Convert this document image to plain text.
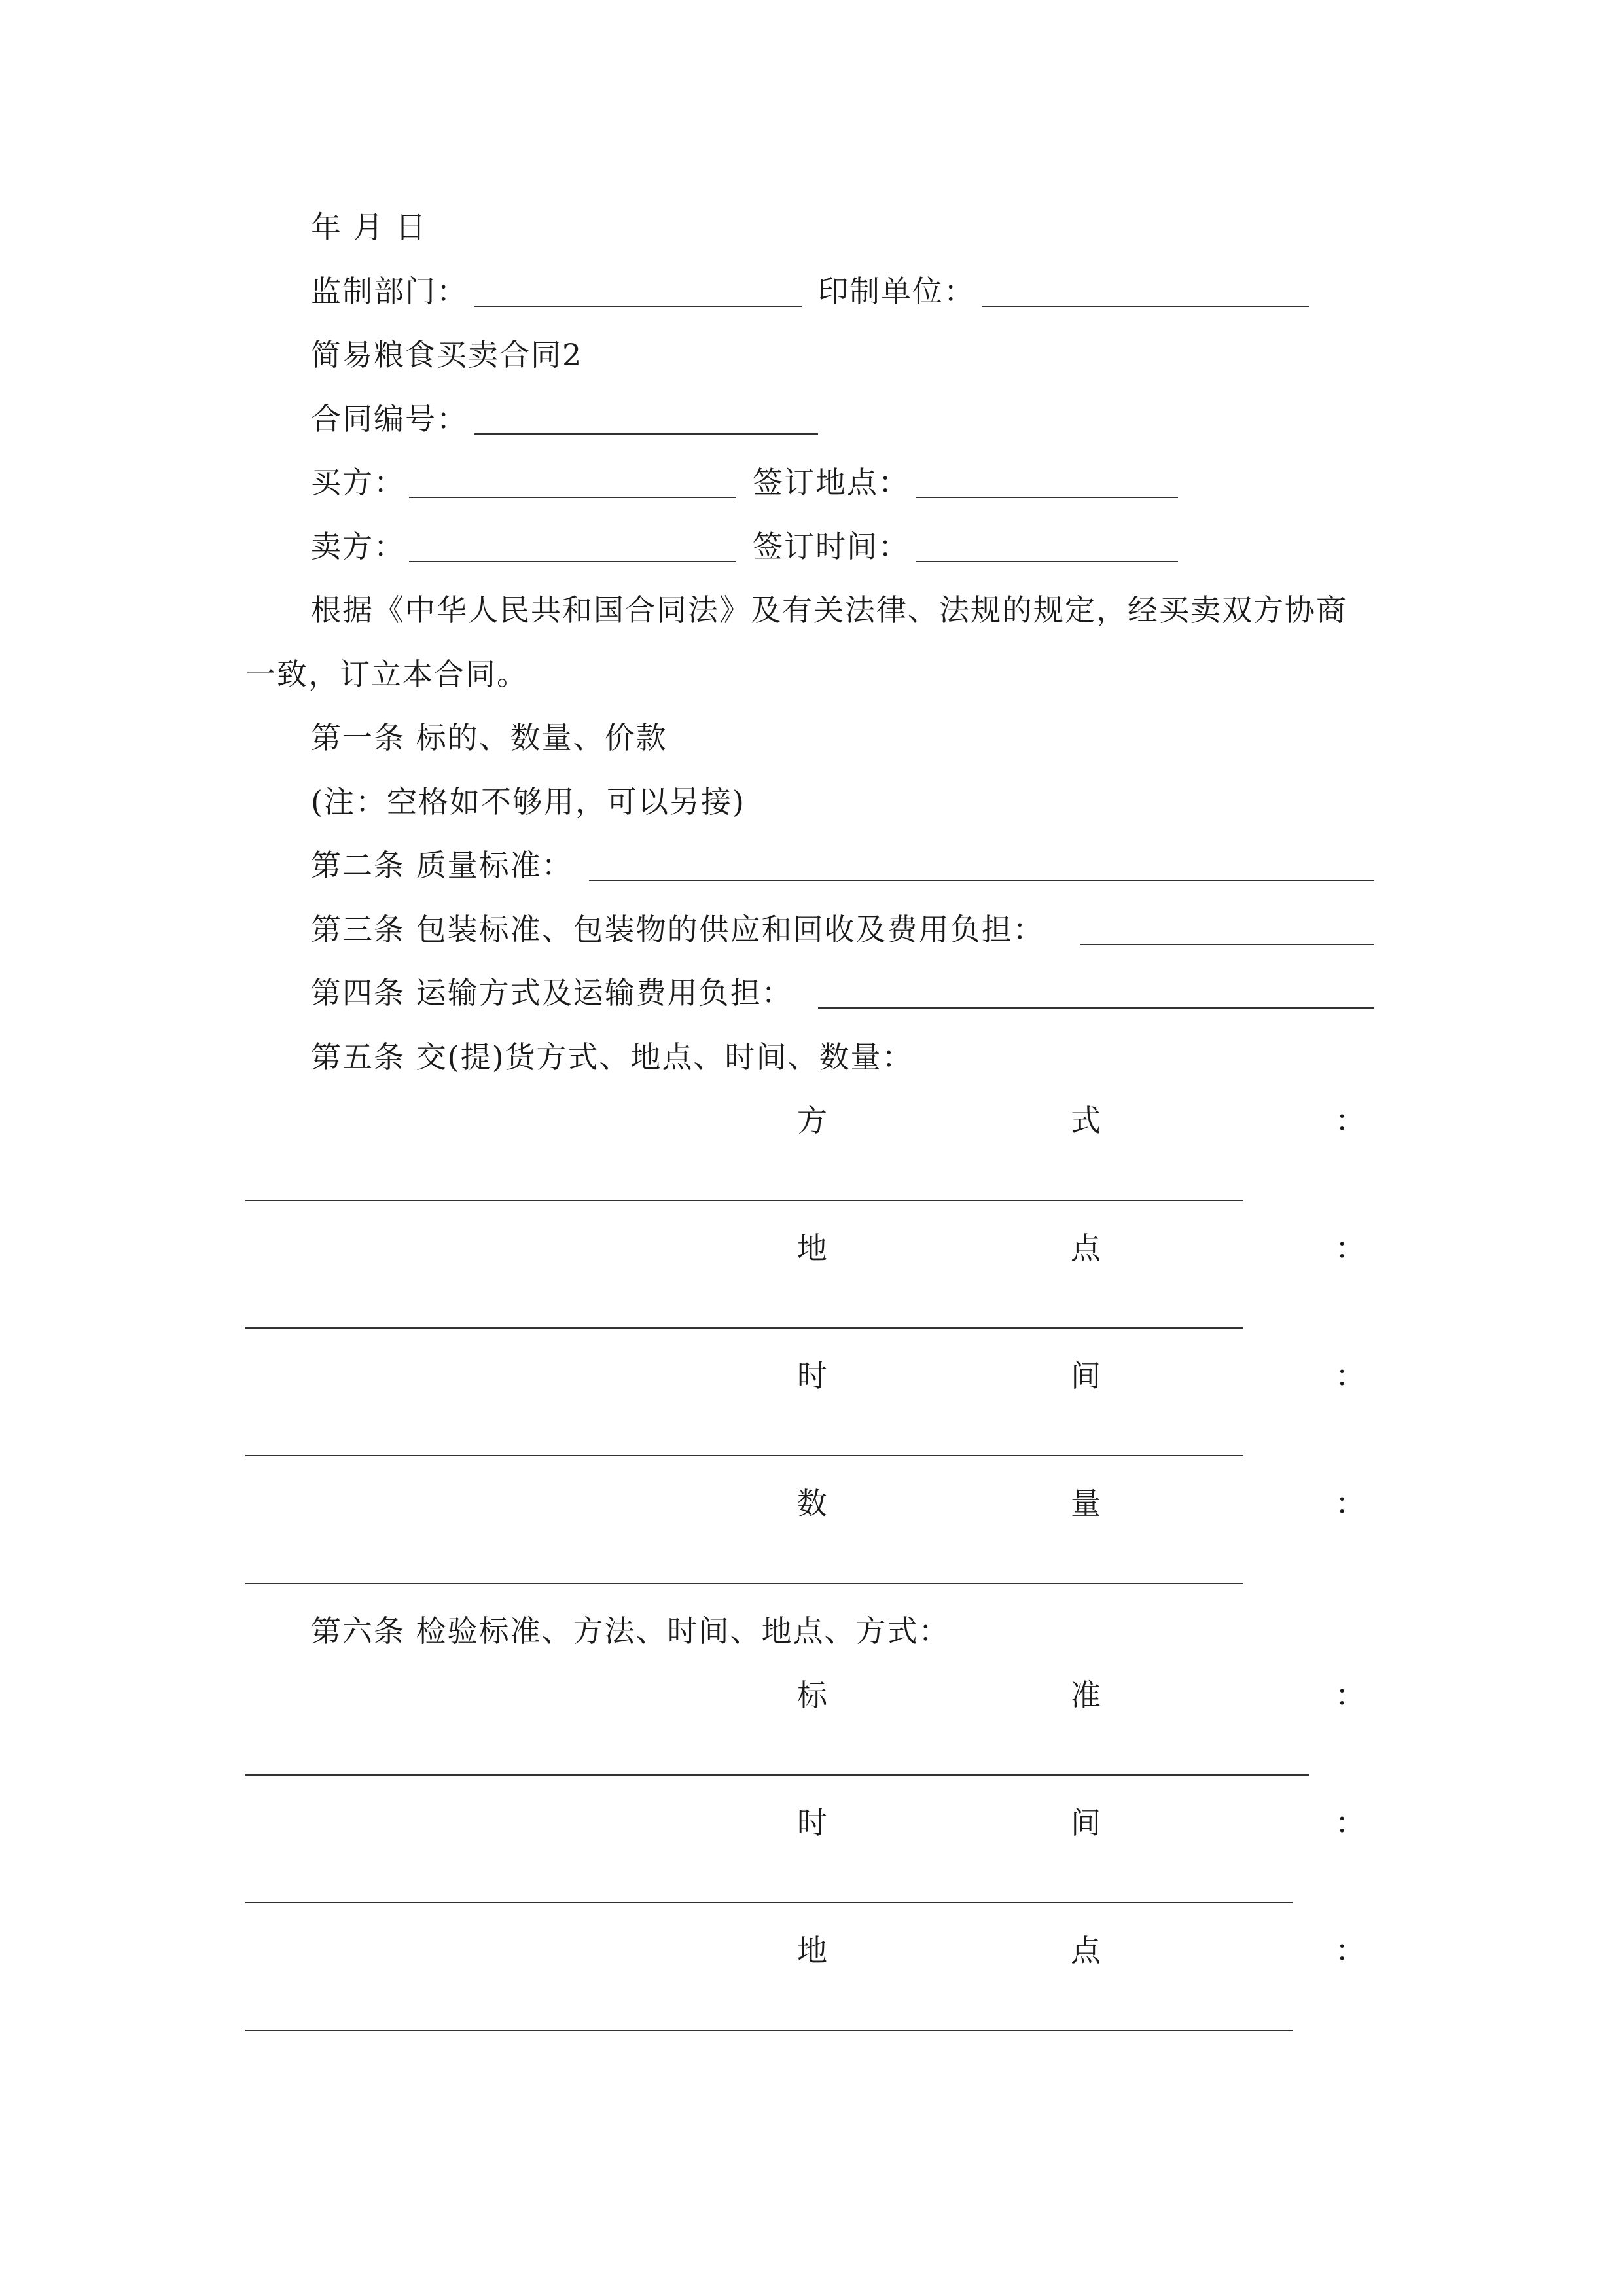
年 月 日
监制部门：	印制单位：
简易粮食买卖合同2
合同编号：
买方：	签订地点：
卖方：	签订时间：
根据《中华人民共和国合同法》及有关法律、法规的规定，经买卖双方协商
一致，订立本合同。
第一条 标的、数量、价款
(注：空格如不够用，可以另接)
第二条 质量标准：
第三条 包装标准、包装物的供应和回收及费用负担：
第四条 运输方式及运输费用负担：
第五条 交(提)货方式、地点、时间、数量：
方	式	：
地	点	：
时	间	：
数	量	：
第六条 检验标准、方法、时间、地点、方式：
标	准	：
时	间	：
地	点	：
